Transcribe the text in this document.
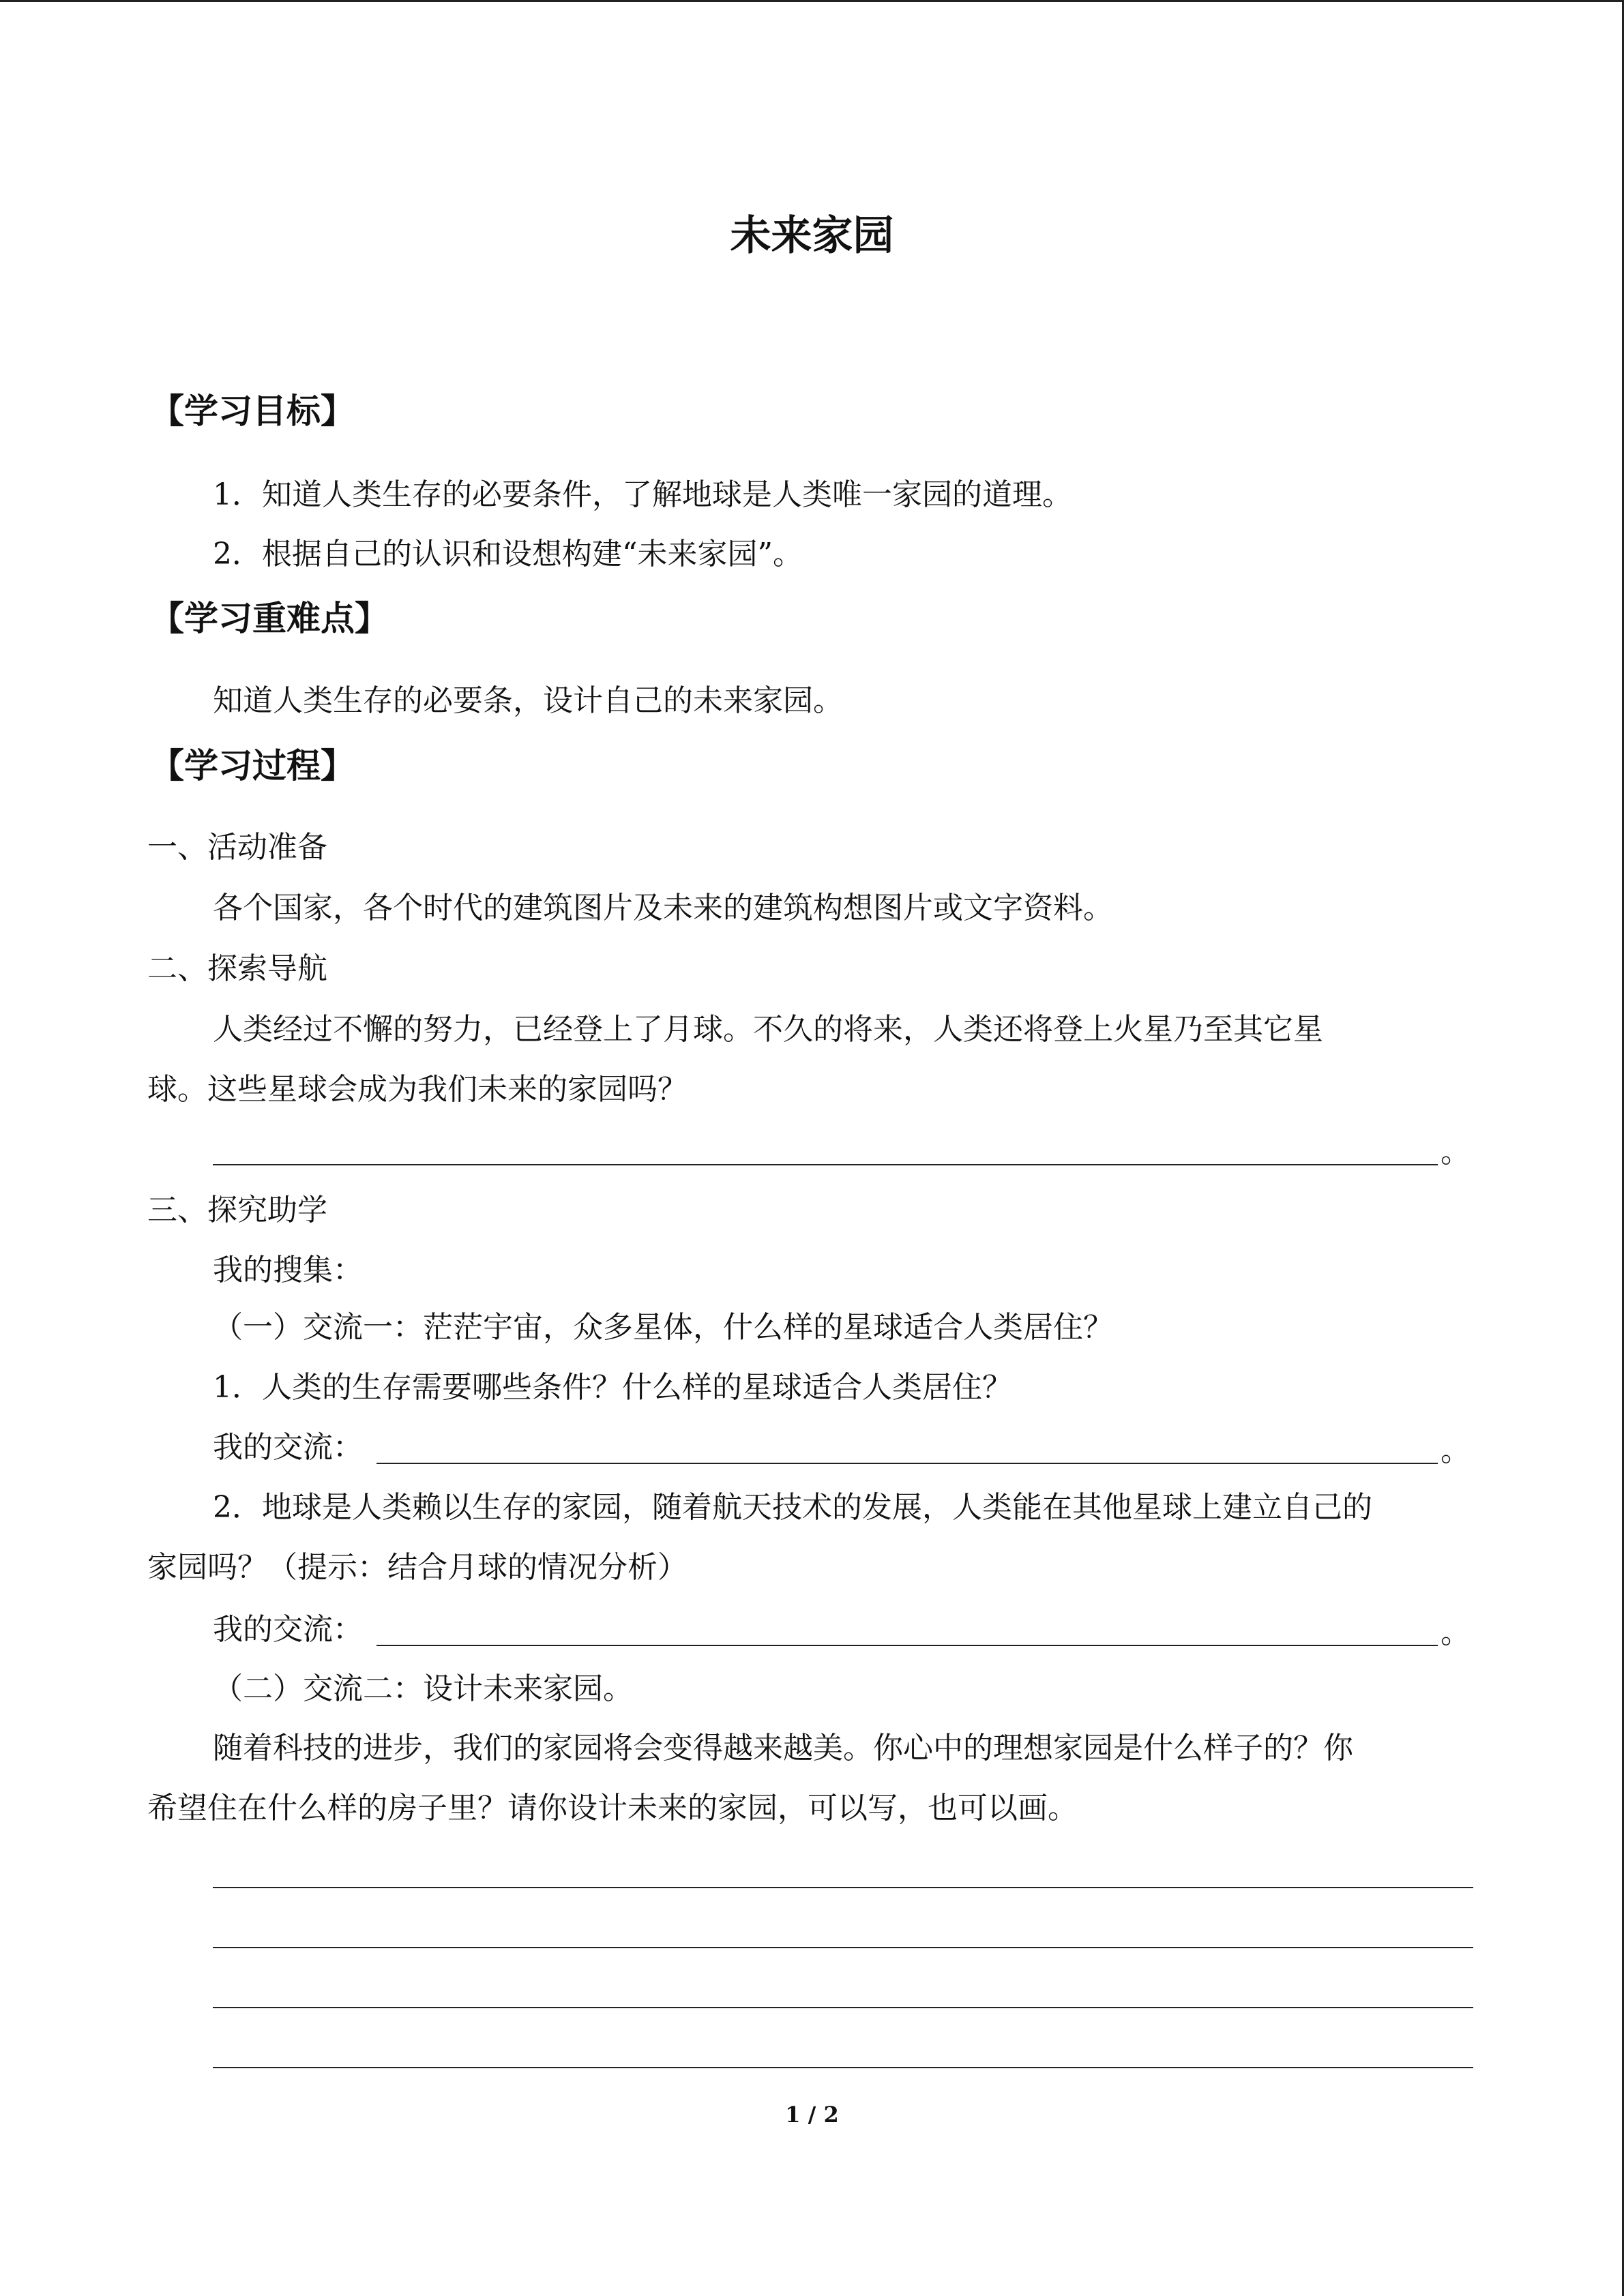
未来家园
【学习目标】
1．知道人类生存的必要条件，了解地球是人类唯一家园的道理。
2．根据自己的认识和设想构建“未来家园”。
【学习重难点】
知道人类生存的必要条，设计自己的未来家园。
【学习过程】
一、活动准备
各个国家，各个时代的建筑图片及未来的建筑构想图片或文字资料。
二、探索导航
人类经过不懈的努力，已经登上了月球。不久的将来，人类还将登上火星乃至其它星
球。这些星球会成为我们未来的家园吗？
。
三、探究助学
我的搜集：
（一）交流一：茫茫宇宙，众多星体，什么样的星球适合人类居住？
1．人类的生存需要哪些条件？什么样的星球适合人类居住？
我的交流：	。
2．地球是人类赖以生存的家园，随着航天技术的发展，人类能在其他星球上建立自己的
家园吗？（提示：结合月球的情况分析）
我的交流：	。
（二）交流二：设计未来家园。
随着科技的进步，我们的家园将会变得越来越美。你心中的理想家园是什么样子的？你
希望住在什么样的房子里？请你设计未来的家园，可以写，也可以画。
1 / 2
